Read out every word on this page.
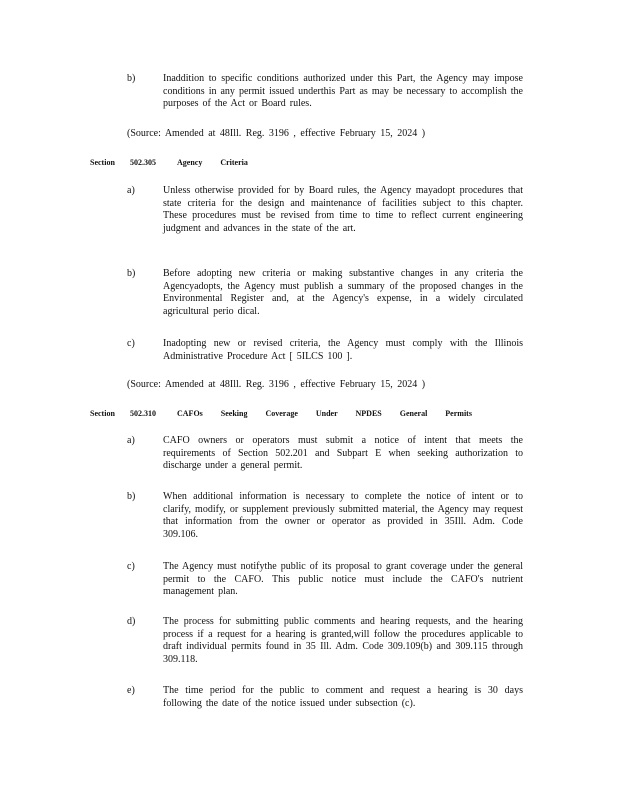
b)	Inaddition to specific conditions authorized under this Part, the Agency may impose conditions in any permit issued underthis Part as may be necessary to accomplish the purposes of the Act or Board rules.
(Source: Amended at 48Ill. Reg. 3196 , effective February 15, 2024 )
Section 502.305	Agency Criteria
a)	Unless otherwise provided for by Board rules, the Agency mayadopt procedures that state criteria for the design and maintenance of facilities subject to this chapter. These procedures must be revised from time to time to reflect current engineering judgment and advances in the state of the art.
b)	Before adopting new criteria or making substantive changes in any criteria the Agencyadopts, the Agency must publish a summary of the proposed changes in the Environmental Register and, at the Agency's expense, in a widely circulated agricultural perio dical.
c)	Inadopting new or revised criteria, the Agency must comply with the Illinois Administrative Procedure Act [ 5ILCS 100 ].
(Source: Amended at 48Ill. Reg. 3196 , effective February 15, 2024 )
Section 502.310	CAFOs Seeking Coverage Under NPDES General Permits
a)	CAFO owners or operators must submit a notice of intent that meets the requirements of Section 502.201 and Subpart E when seeking authorization to discharge under a general permit.
b)	When additional information is necessary to complete the notice of intent or to clarify, modify, or supplement previously submitted material, the Agency may request that information from the owner or operator as provided in 35Ill. Adm. Code 309.106.
c)	The Agency must notifythe public of its proposal to grant coverage under the general permit to the CAFO. This public notice must include the CAFO's nutrient management plan.
d)	The process for submitting public comments and hearing requests, and the hearing process if a request for a hearing is granted,will follow the procedures applicable to draft individual permits found in 35 Ill. Adm. Code 309.109(b) and 309.115 through 309.118.
e)	The time period for the public to comment and request a hearing is 30 days following the date of the notice issued under subsection (c).
